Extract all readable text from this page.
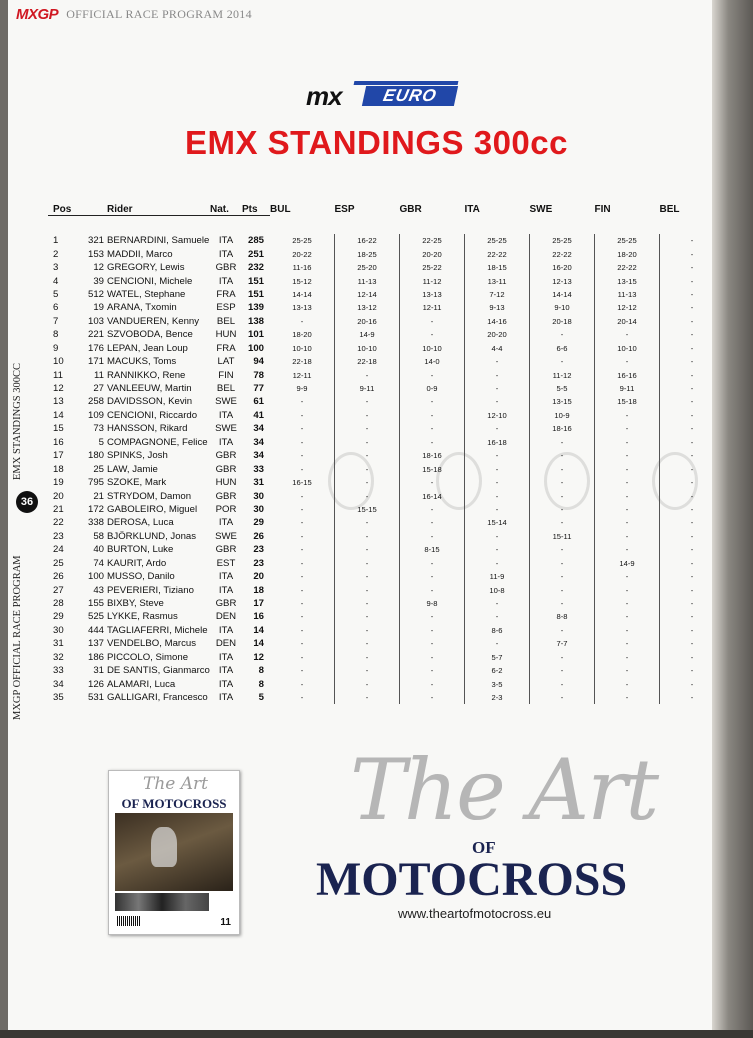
MXGP OFFICIAL RACE PROGRAM 2014
mx	EURO
EMX STANDINGS 300cc
EMX STANDINGS 300CC
36
MXGP OFFICIAL RACE PROGRAM
Pos		Rider	Nat.	Pts	BUL	ESP	GBR	ITA	SWE	FIN	BEL

1	321	BERNARDINI, Samuele	ITA	285	25-25	16-22	22-25	25-25	25-25	25-25	-
2	153	MADDII, Marco	ITA	251	20-22	18-25	20-20	22-22	22-22	18-20	-
3	12	GREGORY, Lewis	GBR	232	11-16	25-20	25-22	18-15	16-20	22-22	-
4	39	CENCIONI, Michele	ITA	151	15-12	11-13	11-12	13-11	12-13	13-15	-
5	512	WATEL, Stephane	FRA	151	14-14	12-14	13-13	7-12	14-14	11-13	-
6	19	ARANA, Txomin	ESP	139	13-13	13-12	12-11	9-13	9-10	12-12	-
7	103	VANDUEREN, Kenny	BEL	138	-	20-16	-	14-16	20-18	20-14	-
8	221	SZVOBODA, Bence	HUN	101	18-20	14-9	-	20-20	-	-	-
9	176	LEPAN, Jean Loup	FRA	100	10-10	10-10	10-10	4-4	6-6	10-10	-
10	171	MACUKS, Toms	LAT	94	22-18	22-18	14-0	-	-	-	-
11	11	RANNIKKO, Rene	FIN	78	12-11	-	-	-	11-12	16-16	-
12	27	VANLEEUW, Martin	BEL	77	9-9	9-11	0-9	-	5-5	9-11	-
13	258	DAVIDSSON, Kevin	SWE	61	-	-	-	-	13-15	15-18	-
14	109	CENCIONI, Riccardo	ITA	41	-	-	-	12-10	10-9	-	-
15	73	HANSSON, Rikard	SWE	34	-	-	-	-	18-16	-	-
16	5	COMPAGNONE, Felice	ITA	34	-	-	-	16-18	-	-	-
17	180	SPINKS, Josh	GBR	34	-	-	18-16	-	-	-	-
18	25	LAW, Jamie	GBR	33	-	-	15-18	-	-	-	-
19	795	SZOKE, Mark	HUN	31	16-15	-	-	-	-	-	-
20	21	STRYDOM, Damon	GBR	30	-	-	16-14	-	-	-	-
21	172	GABOLEIRO, Miguel	POR	30	-	15-15	-	-	-	-	-
22	338	DEROSA, Luca	ITA	29	-	-	-	15-14	-	-	-
23	58	BJÖRKLUND, Jonas	SWE	26	-	-	-	-	15-11	-	-
24	40	BURTON, Luke	GBR	23	-	-	8-15	-	-	-	-
25	74	KAURIT, Ardo	EST	23	-	-	-	-	-	14-9	-
26	100	MUSSO, Danilo	ITA	20	-	-	-	11-9	-	-	-
27	43	PEVERIERI, Tiziano	ITA	18	-	-	-	10-8	-	-	-
28	155	BIXBY, Steve	GBR	17	-	-	9-8	-	-	-	-
29	525	LYKKE, Rasmus	DEN	16	-	-	-	-	8-8	-	-
30	444	TAGLIAFERRI, Michele	ITA	14	-	-	-	8-6	-	-	-
31	137	VENDELBO, Marcus	DEN	14	-	-	-	-	7-7	-	-
32	186	PICCOLO, Simone	ITA	12	-	-	-	5-7	-	-	-
33	31	DE SANTIS, Gianmarco	ITA	8	-	-	-	6-2	-	-	-
34	126	ALAMARI, Luca	ITA	8	-	-	-	3-5	-	-	-
35	531	GALLIGARI, Francesco	ITA	5	-	-	-	2-3	-	-	-
The Art
OF MOTOCROSS
11
The Art
OF
MOTOCROSS
www.theartofmotocross.eu
